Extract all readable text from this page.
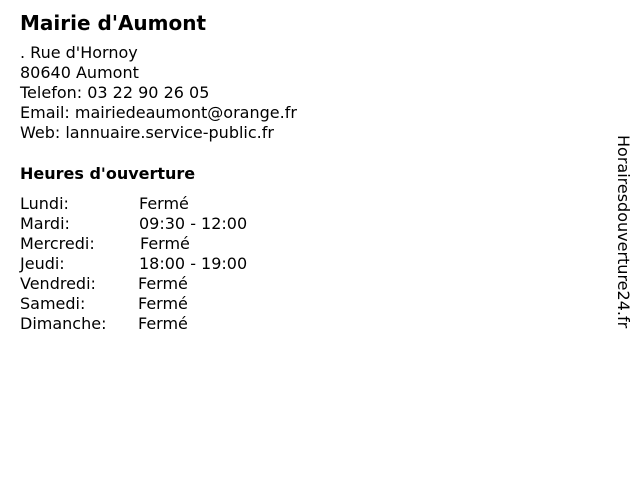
Mairie d'Aumont
. Rue d'Hornoy
80640 Aumont
Telefon: 03 22 90 26 05
Email: mairiedeaumont@orange.fr
Web: lannuaire.service-public.fr
Heures d'ouverture
Lundi:	Fermé
Mardi:	09:30 - 12:00
Mercredi:	Fermé
Jeudi:	18:00 - 19:00
Vendredi:	Fermé
Samedi:	Fermé
Dimanche: Fermé	Horairesdouverture24.fr
